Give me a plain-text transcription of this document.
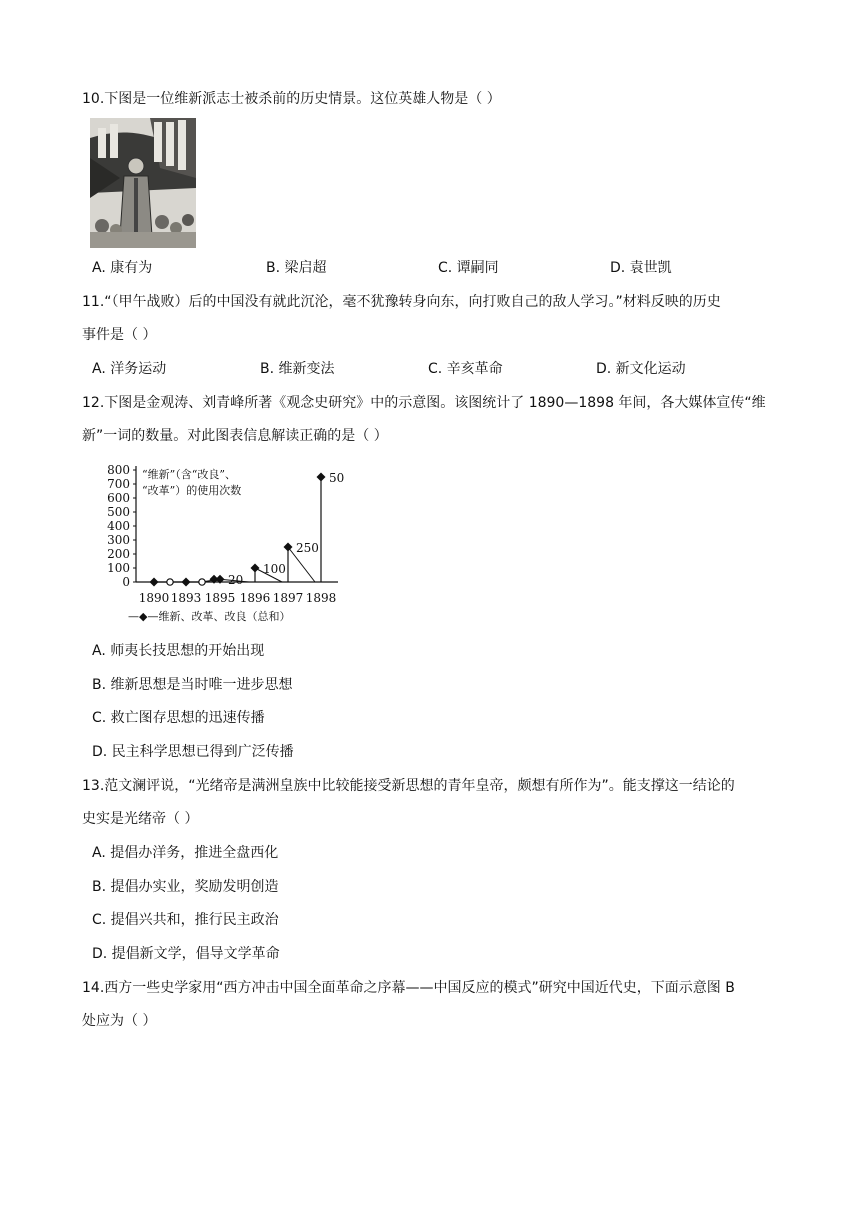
10.下图是一位维新派志士被杀前的历史情景。这位英雄人物是（ ）
A. 康有为	B. 梁启超	C. 谭嗣同	D. 袁世凯
11.“（甲午战败）后的中国没有就此沉沦，毫不犹豫转身向东，向打败自己的敌人学习。”材料反映的历史
事件是（ ）
A. 洋务运动	B. 维新变法	C. 辛亥革命	D. 新文化运动
12.下图是金观涛、刘青峰所著《观念史研究》中的示意图。该图统计了 1890—1898 年间，各大媒体宣传“维
新”一词的数量。对此图表信息解读正确的是（ ）
0
100
200
300
400
500
600
700
800
1890 1893 1895 1896 1897 1898
“维新”（含“改良”、
“改革”）的使用次数
20
100
250
50
—◆—维新、改革、改良（总和）
A. 师夷长技思想的开始出现
B. 维新思想是当时唯一进步思想
C. 救亡图存思想的迅速传播
D. 民主科学思想已得到广泛传播
13.范文澜评说，“光绪帝是满洲皇族中比较能接受新思想的青年皇帝，颇想有所作为”。能支撑这一结论的
史实是光绪帝（ ）
A. 提倡办洋务，推进全盘西化
B. 提倡办实业，奖励发明创造
C. 提倡兴共和，推行民主政治
D. 提倡新文学，倡导文学革命
14.西方一些史学家用“西方冲击中国全面革命之序幕——中国反应的模式”研究中国近代史，下面示意图 B
处应为（ ）
